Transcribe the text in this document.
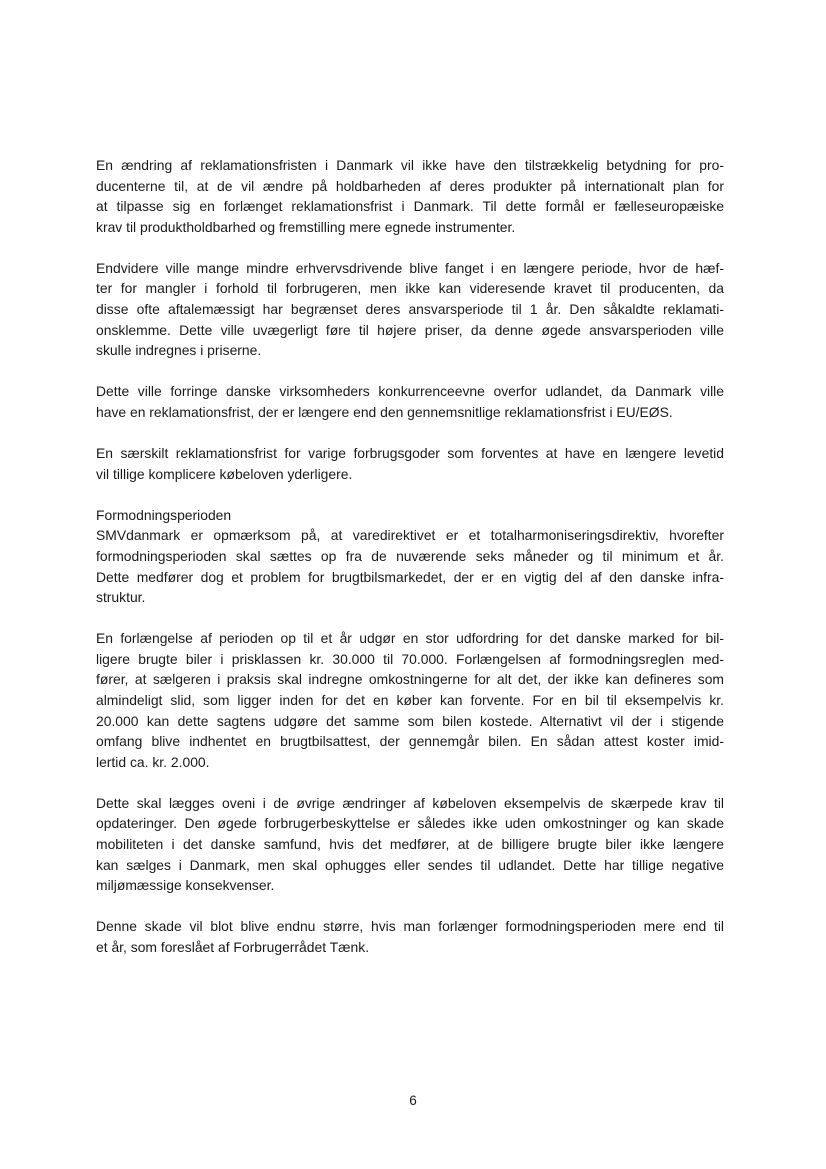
En ændring af reklamationsfristen i Danmark vil ikke have den tilstrækkelig betydning for pro-
ducenterne til, at de vil ændre på holdbarheden af deres produkter på internationalt plan for
at tilpasse sig en forlænget reklamationsfrist i Danmark. Til dette formål er fælleseuropæiske
krav til produktholdbarhed og fremstilling mere egnede instrumenter.
Endvidere ville mange mindre erhvervsdrivende blive fanget i en længere periode, hvor de hæf-
ter for mangler i forhold til forbrugeren, men ikke kan videresende kravet til producenten, da
disse ofte aftalemæssigt har begrænset deres ansvarsperiode til 1 år. Den såkaldte reklamati-
onsklemme. Dette ville uvægerligt føre til højere priser, da denne øgede ansvarsperioden ville
skulle indregnes i priserne.
Dette ville forringe danske virksomheders konkurrenceevne overfor udlandet, da Danmark ville
have en reklamationsfrist, der er længere end den gennemsnitlige reklamationsfrist i EU/EØS.
En særskilt reklamationsfrist for varige forbrugsgoder som forventes at have en længere levetid
vil tillige komplicere købeloven yderligere.
Formodningsperioden
SMVdanmark er opmærksom på, at varedirektivet er et totalharmoniseringsdirektiv, hvorefter
formodningsperioden skal sættes op fra de nuværende seks måneder og til minimum et år.
Dette medfører dog et problem for brugtbilsmarkedet, der er en vigtig del af den danske infra-
struktur.
En forlængelse af perioden op til et år udgør en stor udfordring for det danske marked for bil-
ligere brugte biler i prisklassen kr. 30.000 til 70.000. Forlængelsen af formodningsreglen med-
fører, at sælgeren i praksis skal indregne omkostningerne for alt det, der ikke kan defineres som
almindeligt slid, som ligger inden for det en køber kan forvente. For en bil til eksempelvis kr.
20.000 kan dette sagtens udgøre det samme som bilen kostede. Alternativt vil der i stigende
omfang blive indhentet en brugtbilsattest, der gennemgår bilen. En sådan attest koster imid-
lertid ca. kr. 2.000.
Dette skal lægges oveni i de øvrige ændringer af købeloven eksempelvis de skærpede krav til
opdateringer. Den øgede forbrugerbeskyttelse er således ikke uden omkostninger og kan skade
mobiliteten i det danske samfund, hvis det medfører, at de billigere brugte biler ikke længere
kan sælges i Danmark, men skal ophugges eller sendes til udlandet. Dette har tillige negative
miljømæssige konsekvenser.
Denne skade vil blot blive endnu større, hvis man forlænger formodningsperioden mere end til
et år, som foreslået af Forbrugerrådet Tænk.
6
